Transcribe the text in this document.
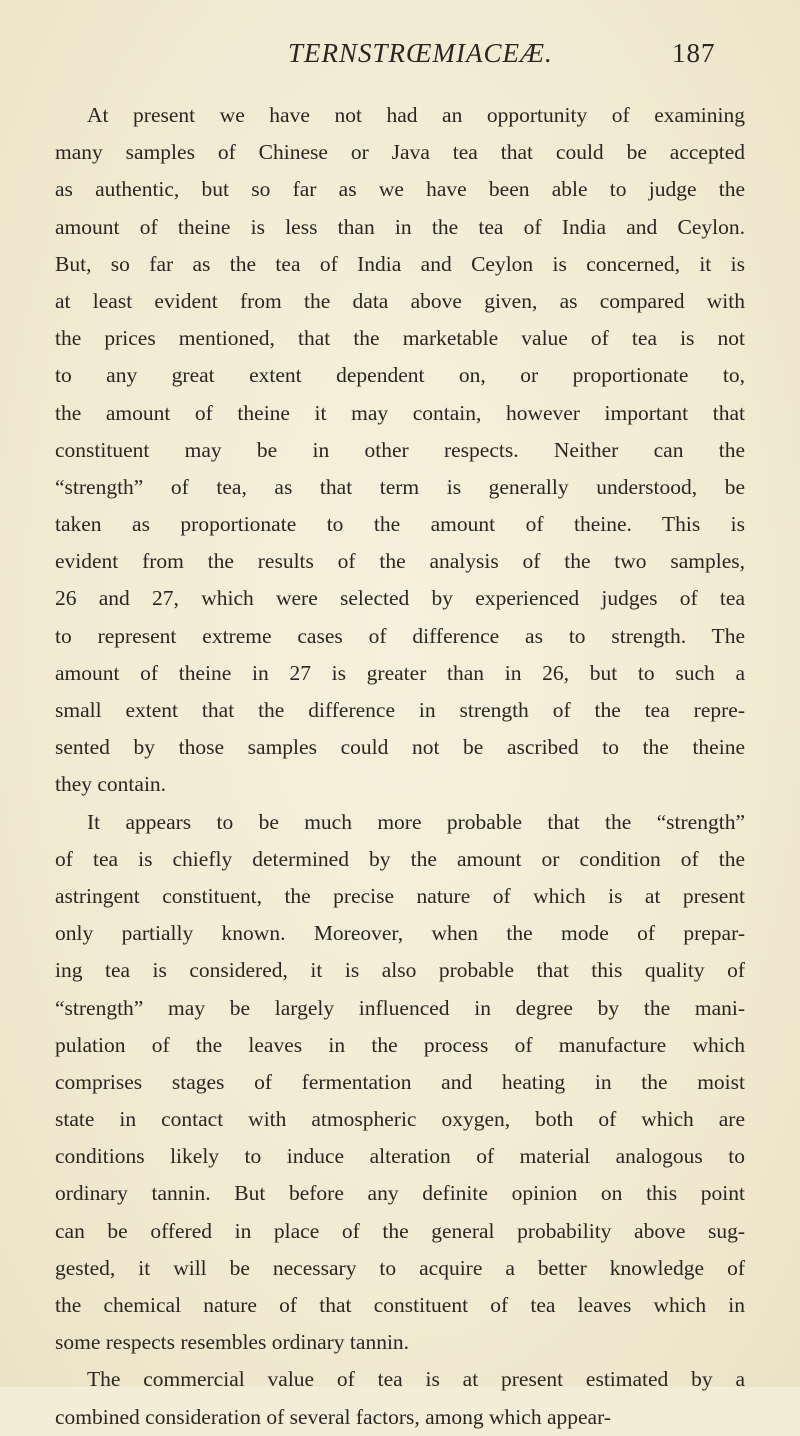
TERNSTRŒMIACEÆ.	187
At present we have not had an opportunity of examining
many samples of Chinese or Java tea that could be accepted
as authentic, but so far as we have been able to judge the
amount of theine is less than in the tea of India and Ceylon.
But, so far as the tea of India and Ceylon is concerned, it is
at least evident from the data above given, as compared with
the prices mentioned, that the marketable value of tea is not
to any great extent dependent on, or proportionate to,
the amount of theine it may contain, however important that
constituent may be in other respects. Neither can the
“strength” of tea, as that term is generally understood, be
taken as proportionate to the amount of theine. This is
evident from the results of the analysis of the two samples,
26 and 27, which were selected by experienced judges of tea
to represent extreme cases of difference as to strength. The
amount of theine in 27 is greater than in 26, but to such a
small extent that the difference in strength of the tea repre-
sented by those samples could not be ascribed to the theine
they contain.
It appears to be much more probable that the “strength”
of tea is chiefly determined by the amount or condition of the
astringent constituent, the precise nature of which is at present
only partially known. Moreover, when the mode of prepar-
ing tea is considered, it is also probable that this quality of
“strength” may be largely influenced in degree by the mani-
pulation of the leaves in the process of manufacture which
comprises stages of fermentation and heating in the moist
state in contact with atmospheric oxygen, both of which are
conditions likely to induce alteration of material analogous to
ordinary tannin. But before any definite opinion on this point
can be offered in place of the general probability above sug-
gested, it will be necessary to acquire a better knowledge of
the chemical nature of that constituent of tea leaves which in
some respects resembles ordinary tannin.
The commercial value of tea is at present estimated by a
combined consideration of several factors, among which appear-
